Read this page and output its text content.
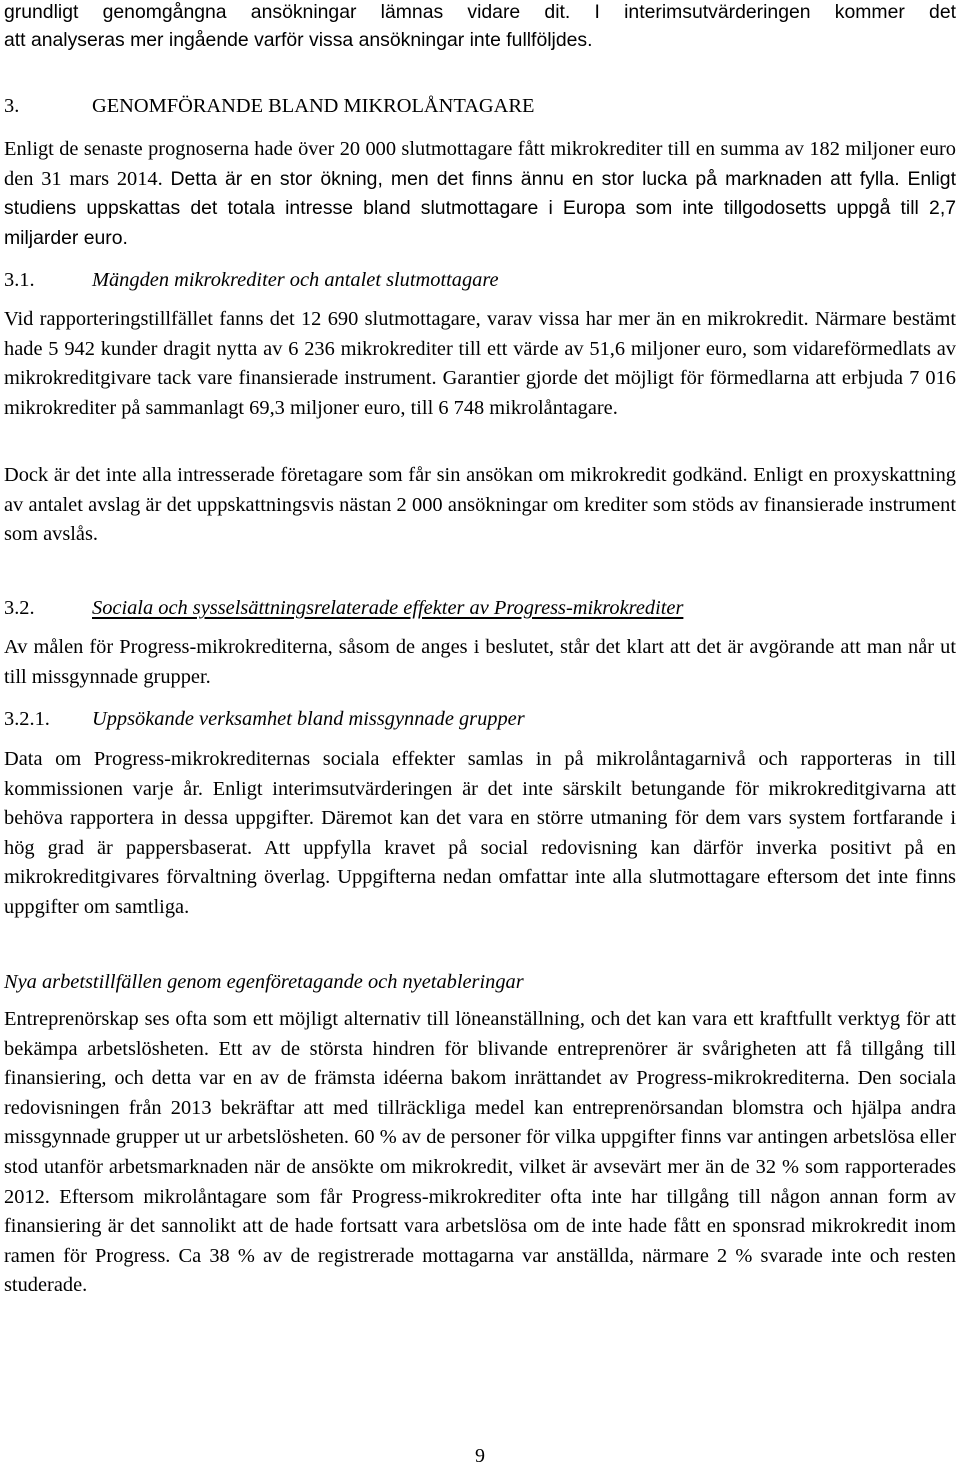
grundligt genomgångna ansökningar lämnas vidare dit. I interimsutvärderingen kommer det

att analyseras mer ingående varför vissa ansökningar inte fullföljdes.

3.	GENOMFÖRANDE BLAND MIKROLÅNTAGARE

Enligt de senaste prognoserna hade över 20 000 slutmottagare fått mikrokrediter till en summa av 182 miljoner euro den 31 mars 2014. Detta är en stor ökning, men det finns ännu en stor lucka på marknaden att fylla. Enligt studiens uppskattas det totala intresse bland slutmottagare i Europa som inte tillgodosetts uppgå till 2,7 miljarder euro.

3.1.	Mängden mikrokrediter och antalet slutmottagare

Vid rapporteringstillfället fanns det 12 690 slutmottagare, varav vissa har mer än en mikrokredit. Närmare bestämt hade 5 942 kunder dragit nytta av 6 236 mikrokrediter till ett värde av 51,6 miljoner euro, som vidareförmedlats av mikrokreditgivare tack vare finansierade instrument. Garantier gjorde det möjligt för förmedlarna att erbjuda 7 016 mikrokrediter på sammanlagt 69,3 miljoner euro, till 6 748 mikrolåntagare.

Dock är det inte alla intresserade företagare som får sin ansökan om mikrokredit godkänd. Enligt en proxyskattning av antalet avslag är det uppskattningsvis nästan 2 000 ansökningar om krediter som stöds av finansierade instrument som avslås.

3.2.	Sociala och sysselsättningsrelaterade effekter av Progress-mikrokrediter

Av målen för Progress-mikrokrediterna, såsom de anges i beslutet, står det klart att det är avgörande att man når ut till missgynnade grupper.

3.2.1.	Uppsökande verksamhet bland missgynnade grupper

Data om Progress-mikrokrediternas sociala effekter samlas in på mikrolåntagarnivå och rapporteras in till kommissionen varje år. Enligt interimsutvärderingen är det inte särskilt betungande för mikrokreditgivarna att behöva rapportera in dessa uppgifter. Däremot kan det vara en större utmaning för dem vars system fortfarande i hög grad är pappersbaserat. Att uppfylla kravet på social redovisning kan därför inverka positivt på en mikrokreditgivares förvaltning överlag. Uppgifterna nedan omfattar inte alla slutmottagare eftersom det inte finns uppgifter om samtliga.

Nya arbetstillfällen genom egenföretagande och nyetableringar

Entreprenörskap ses ofta som ett möjligt alternativ till löneanställning, och det kan vara ett kraftfullt verktyg för att bekämpa arbetslösheten. Ett av de största hindren för blivande entreprenörer är svårigheten att få tillgång till finansiering, och detta var en av de främsta idéerna bakom inrättandet av Progress-mikrokrediterna. Den sociala redovisningen från 2013 bekräftar att med tillräckliga medel kan entreprenörsandan blomstra och hjälpa andra missgynnade grupper ut ur arbetslösheten. 60 % av de personer för vilka uppgifter finns var antingen arbetslösa eller stod utanför arbetsmarknaden när de ansökte om mikrokredit, vilket är avsevärt mer än de 32 % som rapporterades 2012. Eftersom mikrolåntagare som får Progress-mikrokrediter ofta inte har tillgång till någon annan form av finansiering är det sannolikt att de hade fortsatt vara arbetslösa om de inte hade fått en sponsrad mikrokredit inom ramen för Progress. Ca 38 % av de registrerade mottagarna var anställda, närmare 2 % svarade inte och resten studerade.

9
